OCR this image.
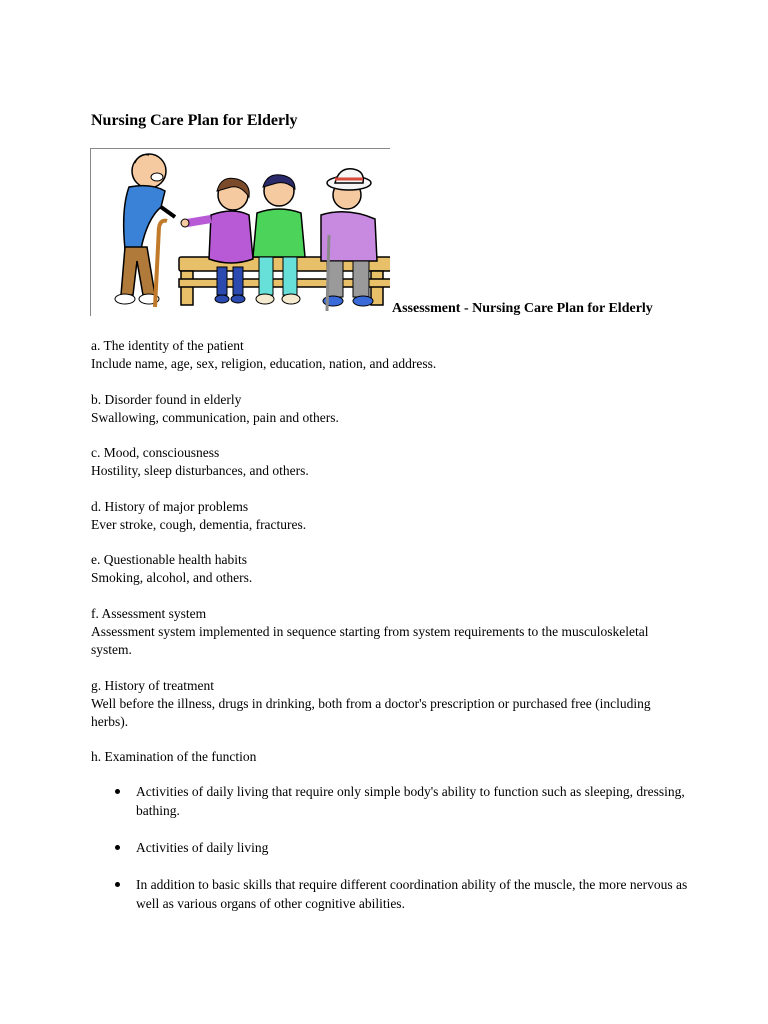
Nursing Care Plan for Elderly
Assessment - Nursing Care Plan for Elderly

a. The identity of the patient

Include name, age, sex, religion, education, nation, and address.

b. Disorder found in elderly

Swallowing, communication, pain and others.

c. Mood, consciousness

Hostility, sleep disturbances, and others.

d. History of major problems

Ever stroke, cough, dementia, fractures.

e. Questionable health habits

Smoking, alcohol, and others.

f. Assessment system

Assessment system implemented in sequence starting from system requirements to the musculoskeletal system.

g. History of treatment

Well before the illness, drugs in drinking, both from a doctor's prescription or purchased free (including herbs).

h. Examination of the function

Activities of daily living that require only simple body's ability to function such as sleeping, dressing, bathing.
Activities of daily living
In addition to basic skills that require different coordination ability of the muscle, the more nervous as well as various organs of other cognitive abilities.
